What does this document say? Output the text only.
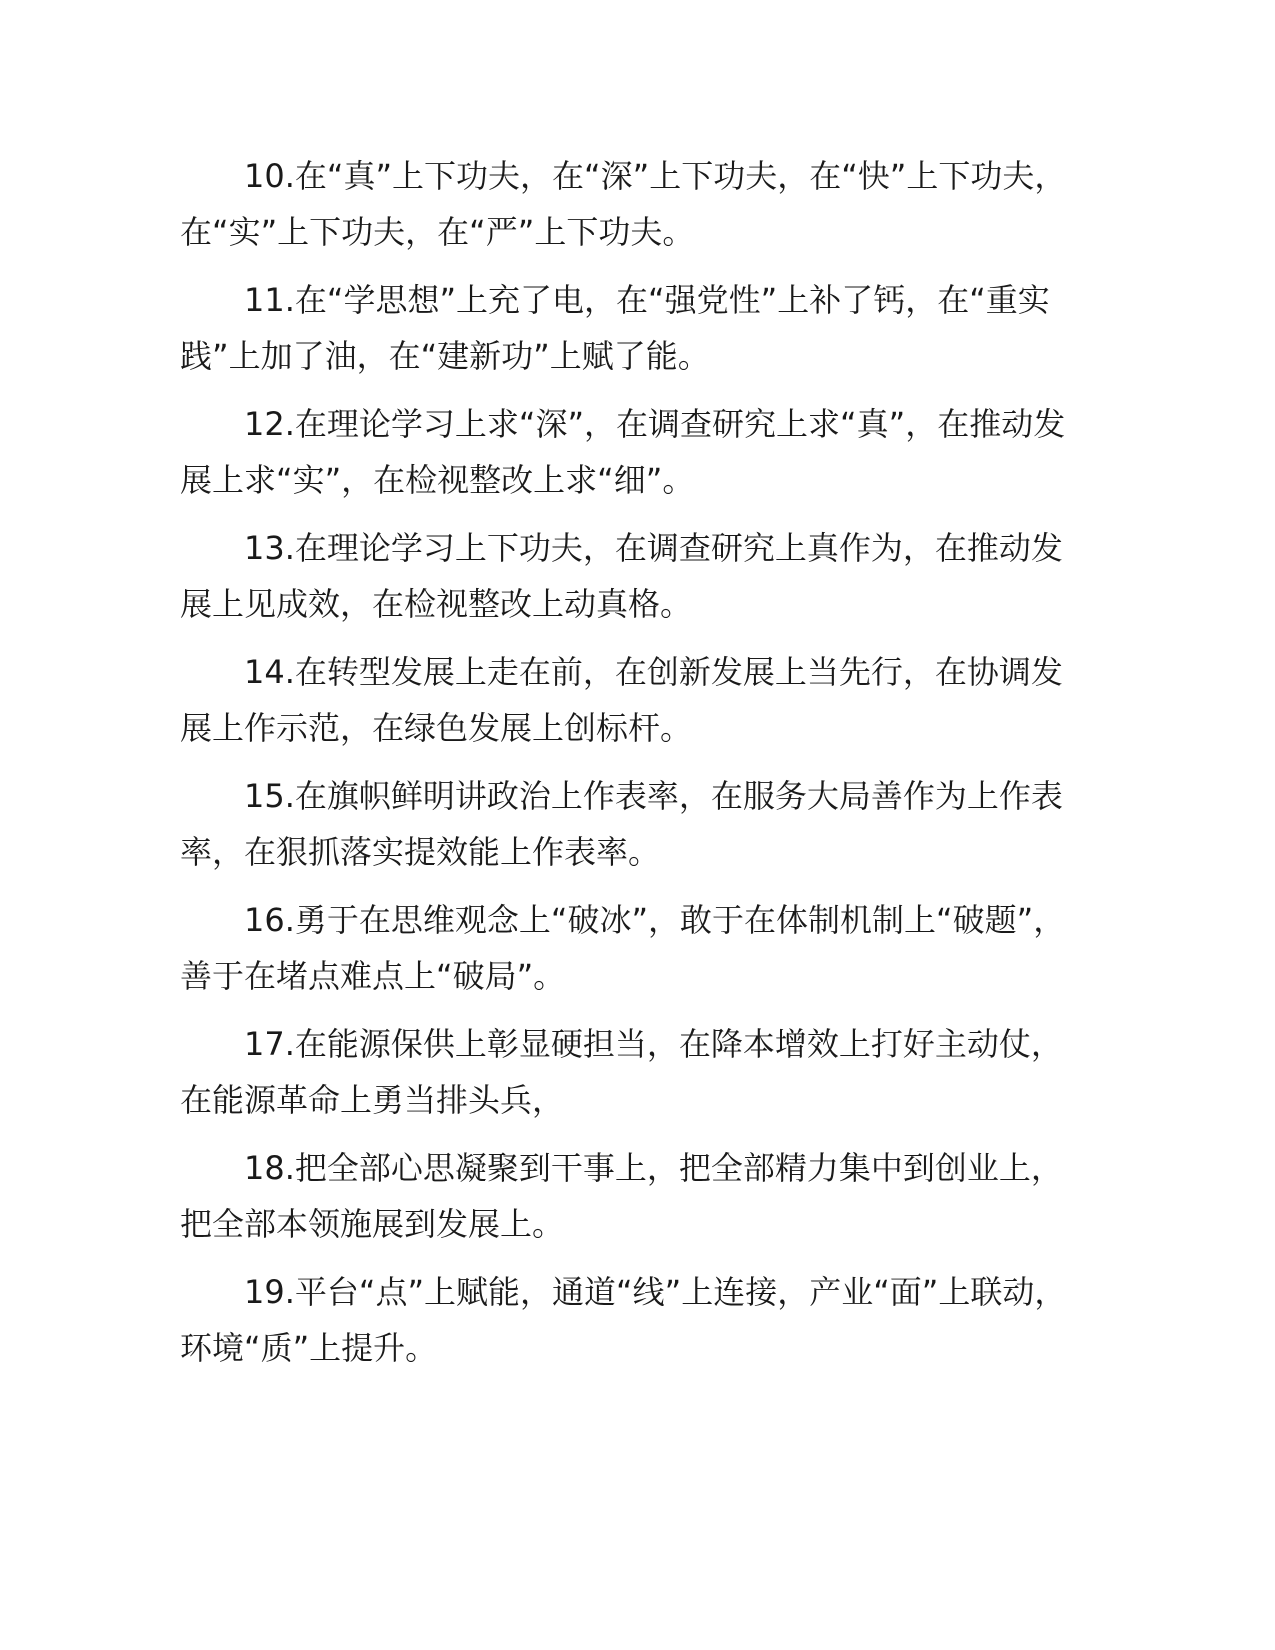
10.在“真”上下功夫，在“深”上下功夫，在“快”上下功夫，在“实”上下功夫，在“严”上下功夫。

11.在“学思想”上充了电，在“强党性”上补了钙，在“重实践”上加了油，在“建新功”上赋了能。

12.在理论学习上求“深”，在调查研究上求“真”，在推动发展上求“实”，在检视整改上求“细”。

13.在理论学习上下功夫，在调查研究上真作为，在推动发展上见成效，在检视整改上动真格。

14.在转型发展上走在前，在创新发展上当先行，在协调发展上作示范，在绿色发展上创标杆。

15.在旗帜鲜明讲政治上作表率，在服务大局善作为上作表率，在狠抓落实提效能上作表率。

16.勇于在思维观念上“破冰”，敢于在体制机制上“破题”，善于在堵点难点上“破局”。

17.在能源保供上彰显硬担当，在降本增效上打好主动仗，在能源革命上勇当排头兵，

18.把全部心思凝聚到干事上，把全部精力集中到创业上，把全部本领施展到发展上。

19.平台“点”上赋能，通道“线”上连接，产业“面”上联动，环境“质”上提升。
